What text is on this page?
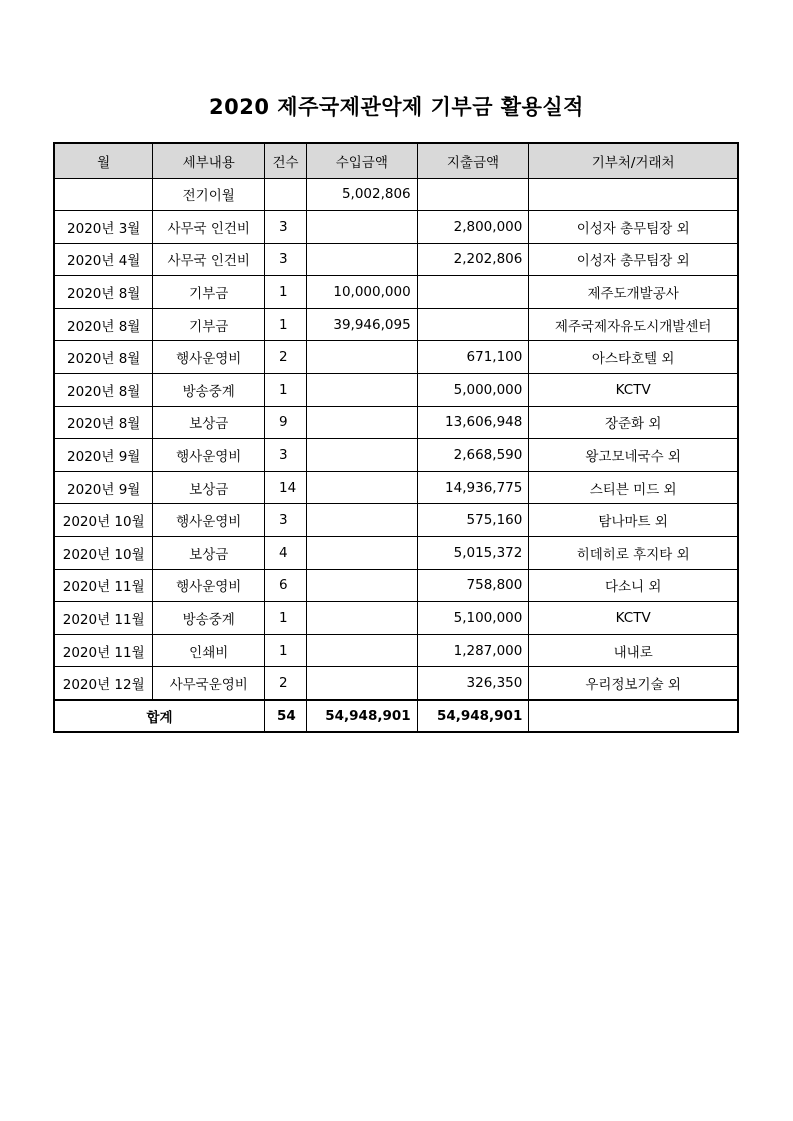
2020 제주국제관악제 기부금 활용실적
월	세부내용	건수	수입금액	지출금액	기부처/거래처
	전기이월		5,002,806		
2020년 3월	사무국 인건비	3		2,800,000	이성자 총무팀장 외
2020년 4월	사무국 인건비	3		2,202,806	이성자 총무팀장 외
2020년 8월	기부금	1	10,000,000		제주도개발공사
2020년 8월	기부금	1	39,946,095		제주국제자유도시개발센터
2020년 8월	행사운영비	2		671,100	아스타호텔 외
2020년 8월	방송중계	1		5,000,000	KCTV
2020년 8월	보상금	9		13,606,948	장준화 외
2020년 9월	행사운영비	3		2,668,590	왕고모네국수 외
2020년 9월	보상금	14		14,936,775	스티븐 미드 외
2020년 10월	행사운영비	3		575,160	탐나마트 외
2020년 10월	보상금	4		5,015,372	히데히로 후지타 외
2020년 11월	행사운영비	6		758,800	다소니 외
2020년 11월	방송중계	1		5,100,000	KCTV
2020년 11월	인쇄비	1		1,287,000	내내로
2020년 12월	사무국운영비	2		326,350	우리정보기술 외
합계		54	54,948,901	54,948,901	
